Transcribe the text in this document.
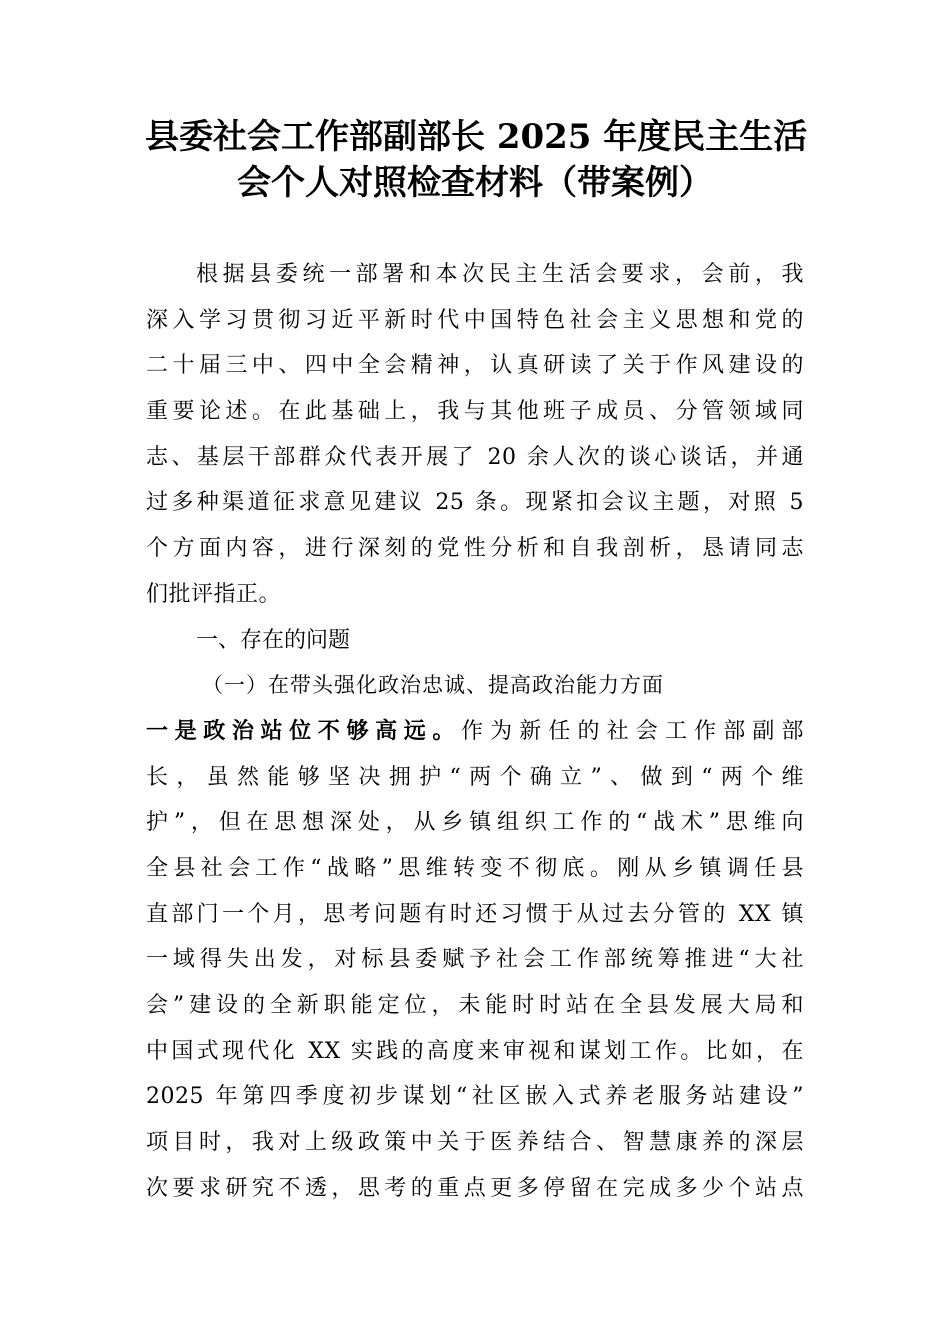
县委社会工作部副部长 2025 年度民主生活
会个人对照检查材料（带案例）
根据县委统一部署和本次民主生活会要求，会前，我
深入学习贯彻习近平新时代中国特色社会主义思想和党的
二十届三中、四中全会精神，认真研读了关于作风建设的
重要论述。在此基础上，我与其他班子成员、分管领域同
志、基层干部群众代表开展了 20 余人次的谈心谈话，并通
过多种渠道征求意见建议 25 条。现紧扣会议主题，对照 5
个方面内容，进行深刻的党性分析和自我剖析，恳请同志
们批评指正。
一、存在的问题
（一）在带头强化政治忠诚、提高政治能力方面
一是政治站位不够高远。作为新任的社会工作部副部
长，虽然能够坚决拥护“两个确立”、做到“两个维
护”，但在思想深处，从乡镇组织工作的“战术”思维向
全县社会工作“战略”思维转变不彻底。刚从乡镇调任县
直部门一个月，思考问题有时还习惯于从过去分管的 XX 镇
一域得失出发，对标县委赋予社会工作部统筹推进“大社
会”建设的全新职能定位，未能时时站在全县发展大局和
中国式现代化 XX 实践的高度来审视和谋划工作。比如，在
2025 年第四季度初步谋划“社区嵌入式养老服务站建设”
项目时，我对上级政策中关于医养结合、智慧康养的深层
次要求研究不透，思考的重点更多停留在完成多少个站点
